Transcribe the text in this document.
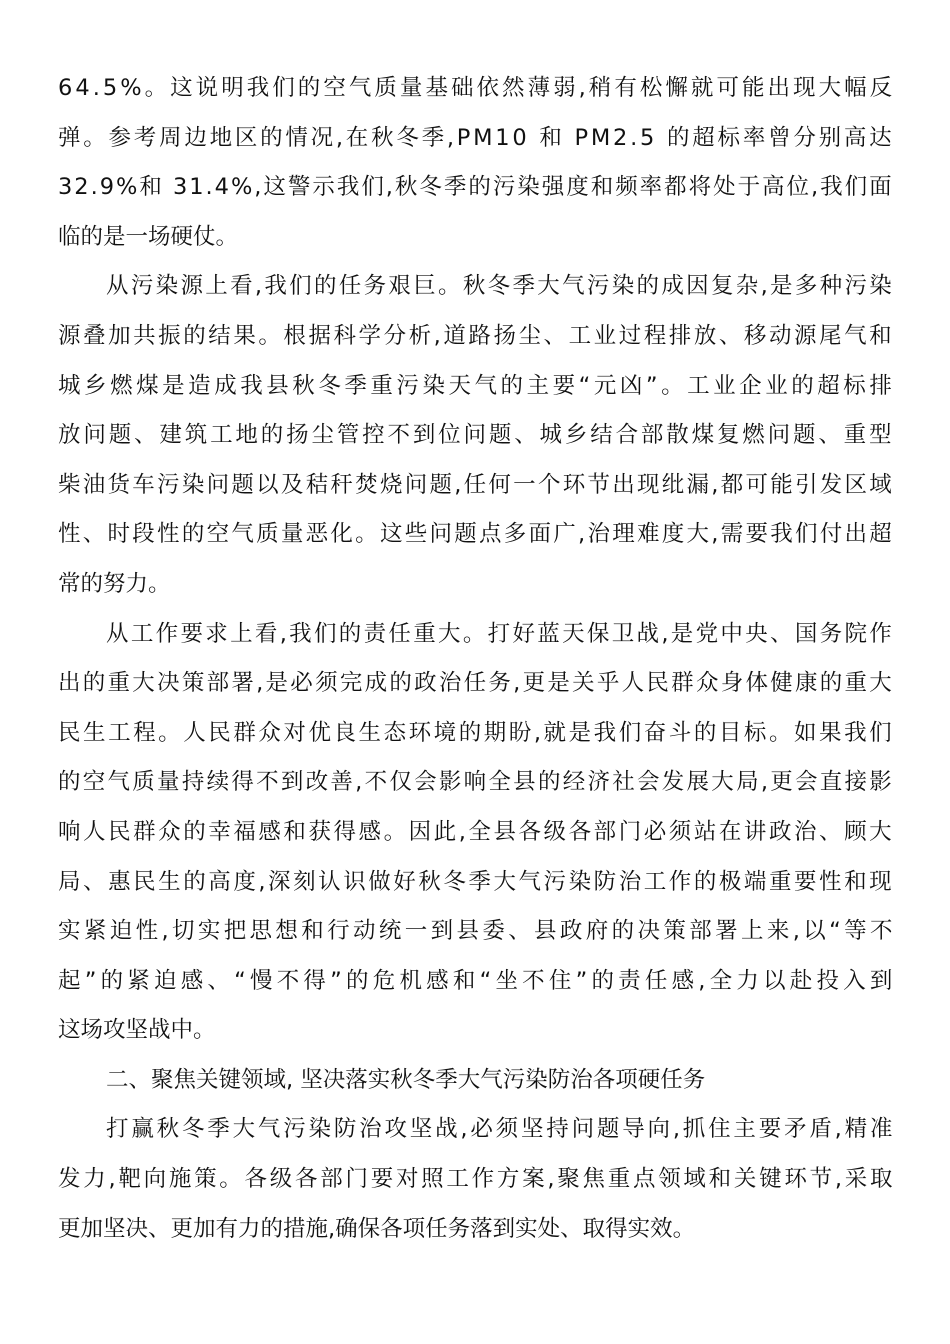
64.5%。这说明我们的空气质量基础依然薄弱,稍有松懈就可能出现大幅反
弹。参考周边地区的情况,在秋冬季,PM10 和 PM2.5 的超标率曾分别高达
32.9%和 31.4%,这警示我们,秋冬季的污染强度和频率都将处于高位,我们面
临的是一场硬仗。
从污染源上看,我们的任务艰巨。秋冬季大气污染的成因复杂,是多种污染
源叠加共振的结果。根据科学分析,道路扬尘、工业过程排放、移动源尾气和
城乡燃煤是造成我县秋冬季重污染天气的主要“元凶”。工业企业的超标排
放问题、建筑工地的扬尘管控不到位问题、城乡结合部散煤复燃问题、重型
柴油货车污染问题以及秸秆焚烧问题,任何一个环节出现纰漏,都可能引发区域
性、时段性的空气质量恶化。这些问题点多面广,治理难度大,需要我们付出超
常的努力。
从工作要求上看,我们的责任重大。打好蓝天保卫战,是党中央、国务院作
出的重大决策部署,是必须完成的政治任务,更是关乎人民群众身体健康的重大
民生工程。人民群众对优良生态环境的期盼,就是我们奋斗的目标。如果我们
的空气质量持续得不到改善,不仅会影响全县的经济社会发展大局,更会直接影
响人民群众的幸福感和获得感。因此,全县各级各部门必须站在讲政治、顾大
局、惠民生的高度,深刻认识做好秋冬季大气污染防治工作的极端重要性和现
实紧迫性,切实把思想和行动统一到县委、县政府的决策部署上来,以“等不
起”的紧迫感、“慢不得”的危机感和“坐不住”的责任感,全力以赴投入到
这场攻坚战中。
二、聚焦关键领域, 坚决落实秋冬季大气污染防治各项硬任务
打赢秋冬季大气污染防治攻坚战,必须坚持问题导向,抓住主要矛盾,精准
发力,靶向施策。各级各部门要对照工作方案,聚焦重点领域和关键环节,采取
更加坚决、更加有力的措施,确保各项任务落到实处、取得实效。
